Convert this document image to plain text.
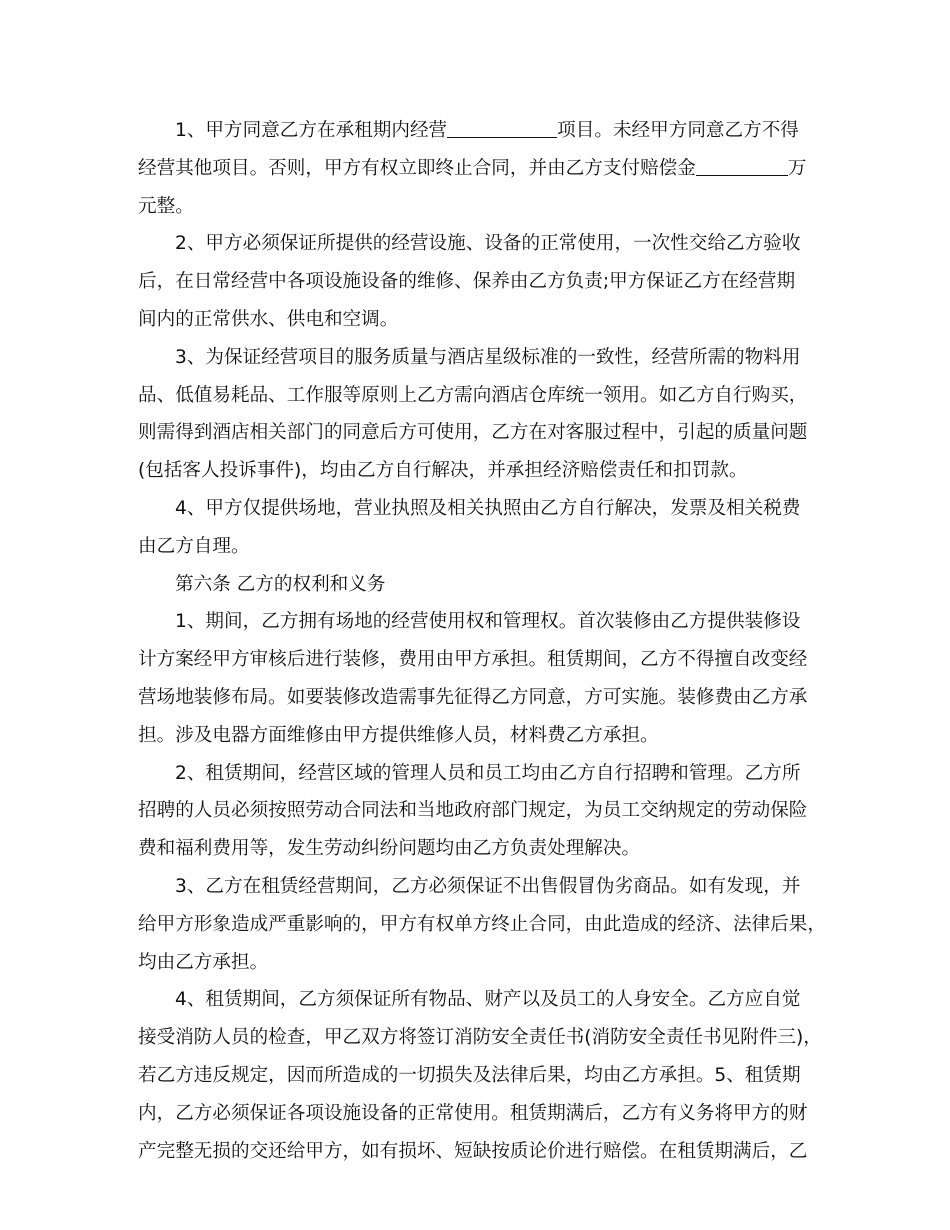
1、甲方同意乙方在承租期内经营	项目。未经甲方同意乙方不得
经营其他项目。否则，甲方有权立即终止合同，并由乙方支付赔偿金	万
元整。
2、甲方必须保证所提供的经营设施、设备的正常使用，一次性交给乙方验收
后，在日常经营中各项设施设备的维修、保养由乙方负责;甲方保证乙方在经营期
间内的正常供水、供电和空调。
3、为保证经营项目的服务质量与酒店星级标准的一致性，经营所需的物料用
品、低值易耗品、工作服等原则上乙方需向酒店仓库统一领用。如乙方自行购买，
则需得到酒店相关部门的同意后方可使用，乙方在对客服过程中，引起的质量问题
(包括客人投诉事件)，均由乙方自行解决，并承担经济赔偿责任和扣罚款。
4、甲方仅提供场地，营业执照及相关执照由乙方自行解决，发票及相关税费
由乙方自理。
第六条 乙方的权利和义务
1、期间，乙方拥有场地的经营使用权和管理权。首次装修由乙方提供装修设
计方案经甲方审核后进行装修，费用由甲方承担。租赁期间，乙方不得擅自改变经
营场地装修布局。如要装修改造需事先征得乙方同意，方可实施。装修费由乙方承
担。涉及电器方面维修由甲方提供维修人员，材料费乙方承担。
2、租赁期间，经营区域的管理人员和员工均由乙方自行招聘和管理。乙方所
招聘的人员必须按照劳动合同法和当地政府部门规定，为员工交纳规定的劳动保险
费和福利费用等，发生劳动纠纷问题均由乙方负责处理解决。
3、乙方在租赁经营期间，乙方必须保证不出售假冒伪劣商品。如有发现，并
给甲方形象造成严重影响的，甲方有权单方终止合同，由此造成的经济、法律后果，
均由乙方承担。
4、租赁期间，乙方须保证所有物品、财产以及员工的人身安全。乙方应自觉
接受消防人员的检查，甲乙双方将签订消防安全责任书(消防安全责任书见附件三)，
若乙方违反规定，因而所造成的一切损失及法律后果，均由乙方承担。5、租赁期
内，乙方必须保证各项设施设备的正常使用。租赁期满后，乙方有义务将甲方的财
产完整无损的交还给甲方，如有损坏、短缺按质论价进行赔偿。在租赁期满后，乙
